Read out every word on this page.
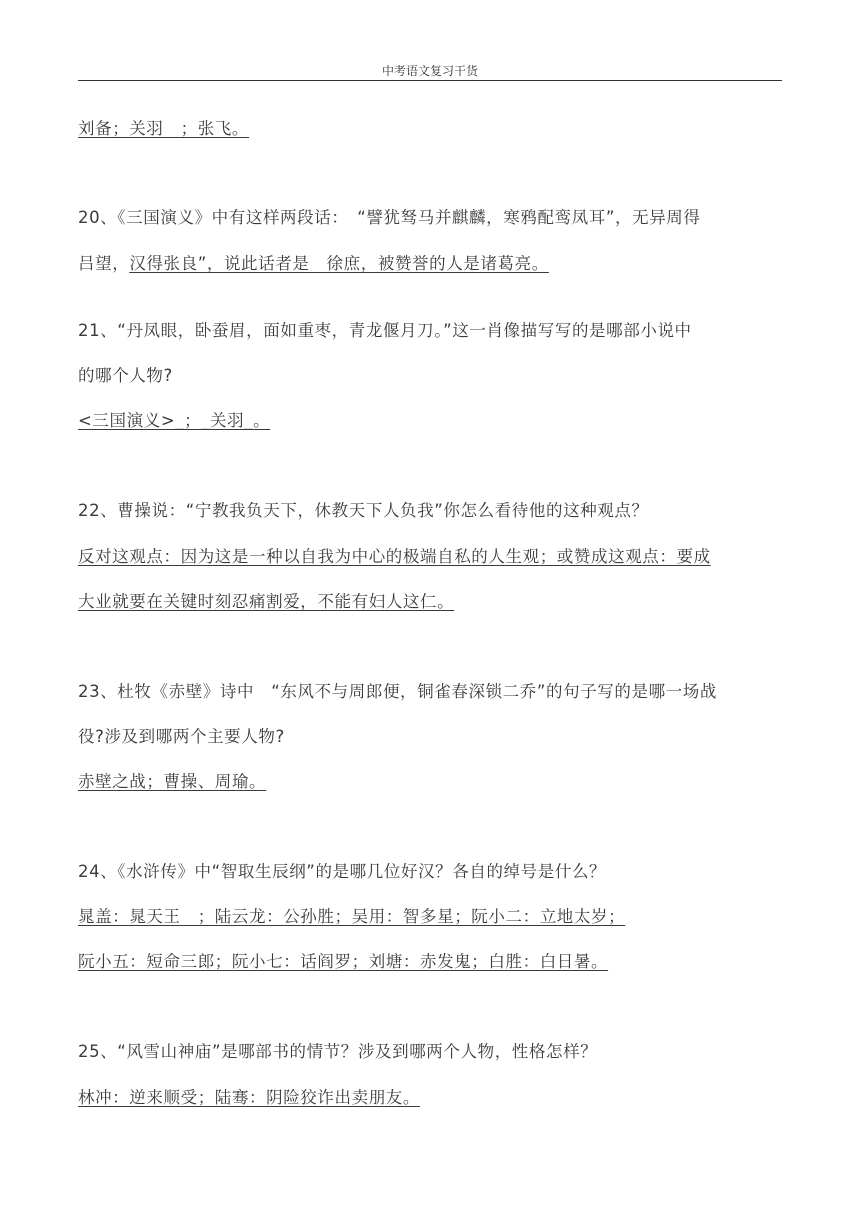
中考语文复习干货
刘备；关羽　；张飞。
20、《三国演义》中有这样两段话：　“譬犹驽马并麒麟，寒鸦配鸾凤耳”，无异周得
吕望，汉得张良”，说此话者是　徐庶，被赞誉的人是诸葛亮。
21、“丹凤眼，卧蚕眉，面如重枣，青龙偃月刀。”这一肖像描写写的是哪部小说中
的哪个人物?
<三国演义>_；_关羽_。
22、曹操说：“宁教我负天下，休教天下人负我”你怎么看待他的这种观点？
反对这观点：因为这是一种以自我为中心的极端自私的人生观；或赞成这观点：要成
大业就要在关键时刻忍痛割爱，不能有妇人这仁。
23、杜牧《赤壁》诗中　“东风不与周郎便，铜雀春深锁二乔”的句子写的是哪一场战
役?涉及到哪两个主要人物?
赤壁之战；曹操、周瑜。
24、《水浒传》中“智取生辰纲”的是哪几位好汉？各自的绰号是什么？
晁盖：晁天王　；陆云龙：公孙胜；吴用：智多星；阮小二：立地太岁；
阮小五：短命三郎；阮小七：话阎罗；刘塘：赤发鬼；白胜：白日暑。
25、“风雪山神庙”是哪部书的情节？涉及到哪两个人物，性格怎样？
林冲：逆来顺受；陆骞：阴险狡诈出卖朋友。
